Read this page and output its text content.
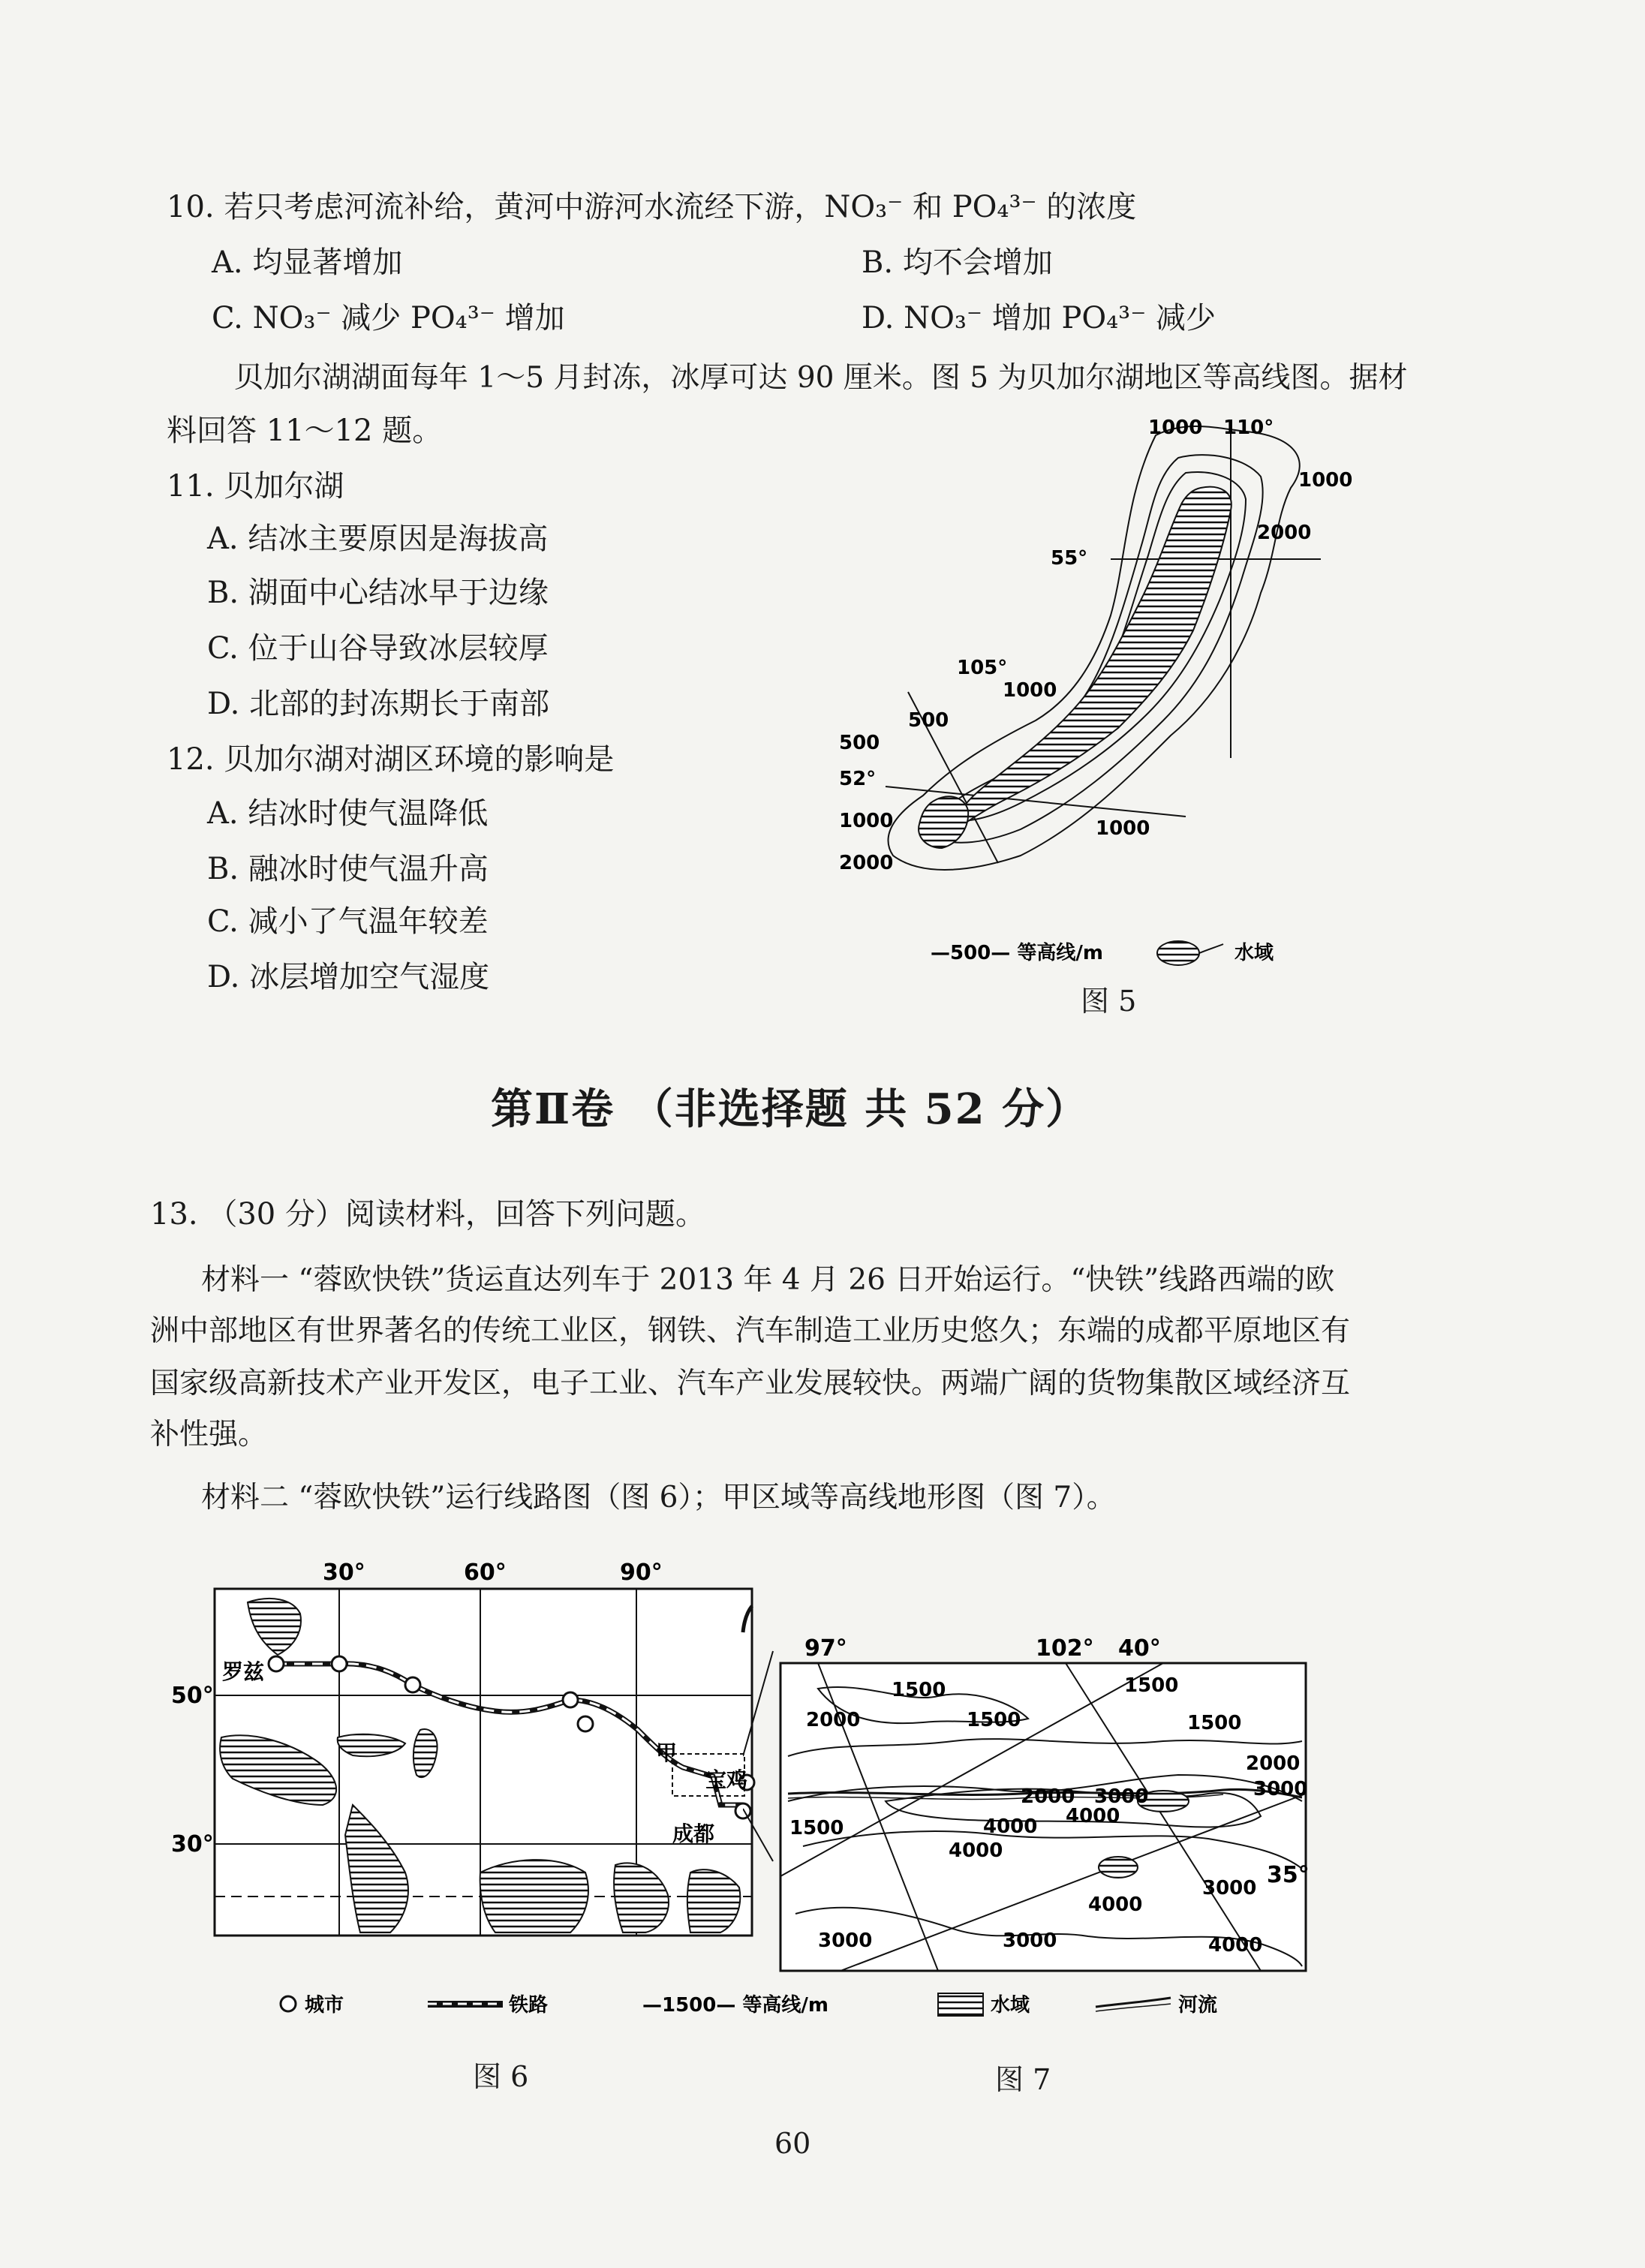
10. 若只考虑河流补给，黄河中游河水流经下游，NO₃⁻ 和 PO₄³⁻ 的浓度
A. 均显著增加	B. 均不会增加
C. NO₃⁻ 减少 PO₄³⁻ 增加	D. NO₃⁻ 增加 PO₄³⁻ 减少
贝加尔湖湖面每年 1～5 月封冻，冰厚可达 90 厘米。图 5 为贝加尔湖地区等高线图。据材
料回答 11～12 题。
11. 贝加尔湖
A. 结冰主要原因是海拔高
B. 湖面中心结冰早于边缘
C. 位于山谷导致冰层较厚
D. 北部的封冻期长于南部
12. 贝加尔湖对湖区环境的影响是
A. 结冰时使气温降低
B. 融冰时使气温升高
C. 减小了气温年较差
D. 冰层增加空气湿度
1000 110°
1000
2000
55°
105°
1000
500
500
52°
1000
2000
1000
—500— 等高线/m	水域
图 5
第Ⅱ卷 （非选择题 共 52 分）
13. （30 分）阅读材料，回答下列问题。
材料一 “蓉欧快铁”货运直达列车于 2013 年 4 月 26 日开始运行。“快铁”线路西端的欧
洲中部地区有世界著名的传统工业区，钢铁、汽车制造工业历史悠久；东端的成都平原地区有
国家级高新技术产业开发区，电子工业、汽车产业发展较快。两端广阔的货物集散区域经济互
补性强。
材料二 “蓉欧快铁”运行线路图（图 6）；甲区域等高线地形图（图 7）。
30°	60°	90°
50°
30°
罗兹
甲
宝鸡
成都
97°	102° 40°
35°
1500
2000	1500
1500
1500
2000
3000
2000 3000
4000
4000
1500
4000
3000
4000
3000	3000	4000
城市	铁路	—1500— 等高线/m	水域	河流
图 6	图 7
60
